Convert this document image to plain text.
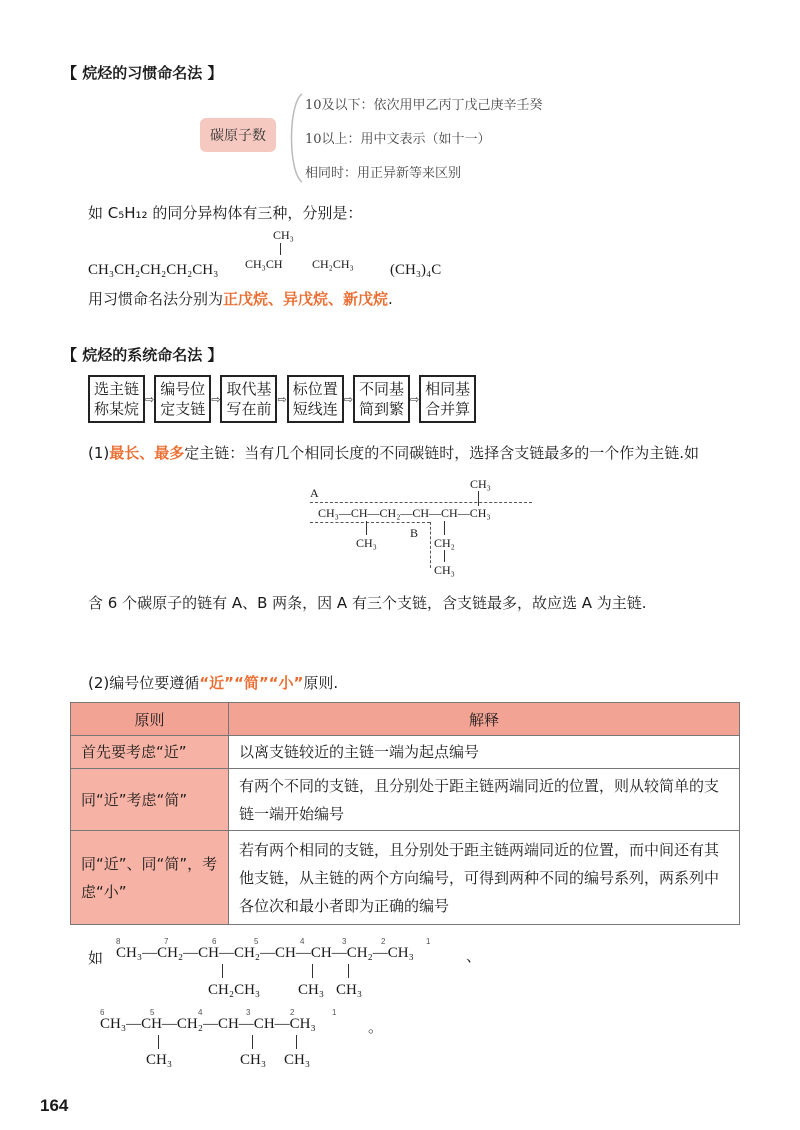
【 烷烃的习惯命名法 】
碳原子数
10及以下：依次用甲乙丙丁戊己庚辛壬癸
10以上：用中文表示（如十一）
相同时：用正异新等来区别
如 C₅H₁₂ 的同分异构体有三种，分别是：
CH₃CH₂CH₂CH₂CH₃
CH₃
CH₃CH CH₂CH₃ (CH₃)₄C
用习惯命名法分别为正戊烷、异戊烷、新戊烷.
【 烷烃的系统命名法 】
选主链
称某烷
⇨
编号位
定支链
⇨
取代基
写在前
⇨
标位置
短线连
⇨
不同基
简到繁
⇨
相同基
合并算
(1)最长、最多定主链：当有几个相同长度的不同碳链时，选择含支链最多的一个作为主链.如
A
CH₃
CH₃—CH—CH₂—CH—CH—CH₃
B
CH₃	CH₂
CH₃
含 6 个碳原子的链有 A、B 两条，因 A 有三个支链，含支链最多，故应选 A 为主链.
(2)编号位要遵循“近”“简”“小”原则.
原则	解释
首先要考虑“近”	以离支链较近的主链一端为起点编号
同“近”考虑“简”	有两个不同的支链，且分别处于距主链两端同近的位置，则从较简单的支链一端开始编号
同“近”、同“简”，考虑“小”	若有两个相同的支链，且分别处于距主链两端同近的位置，而中间还有其他支链，从主链的两个方向编号，可得到两种不同的编号系列，两系列中各位次和最小者即为正确的编号
如
8	7	6	5	4	3	2	1
CH₃—CH₂—CH—CH₂—CH—CH—CH₂—CH₃	、
CH₂CH₃	CH₃ CH₃
6	5	4	3	2	1
CH₃—CH—CH₂—CH—CH—CH₃	。
CH₃	CH₃ CH₃
164
